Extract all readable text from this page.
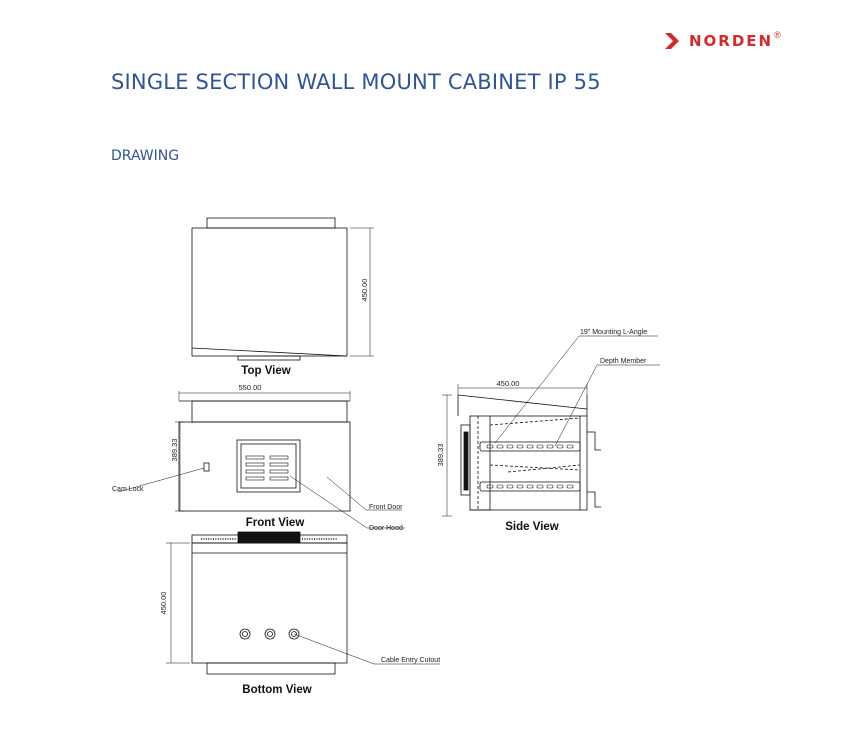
NORDEN ®
SINGLE SECTION WALL MOUNT CABINET IP 55
DRAWING
450.00
Top View
550.00
389.33
Cam Lock
Front Door
Door Hood
Front View
450.00
389.33
19" Mounting L-Angle
Depth Member
Side View
450.00
Cable Entry Cutout
Bottom View
